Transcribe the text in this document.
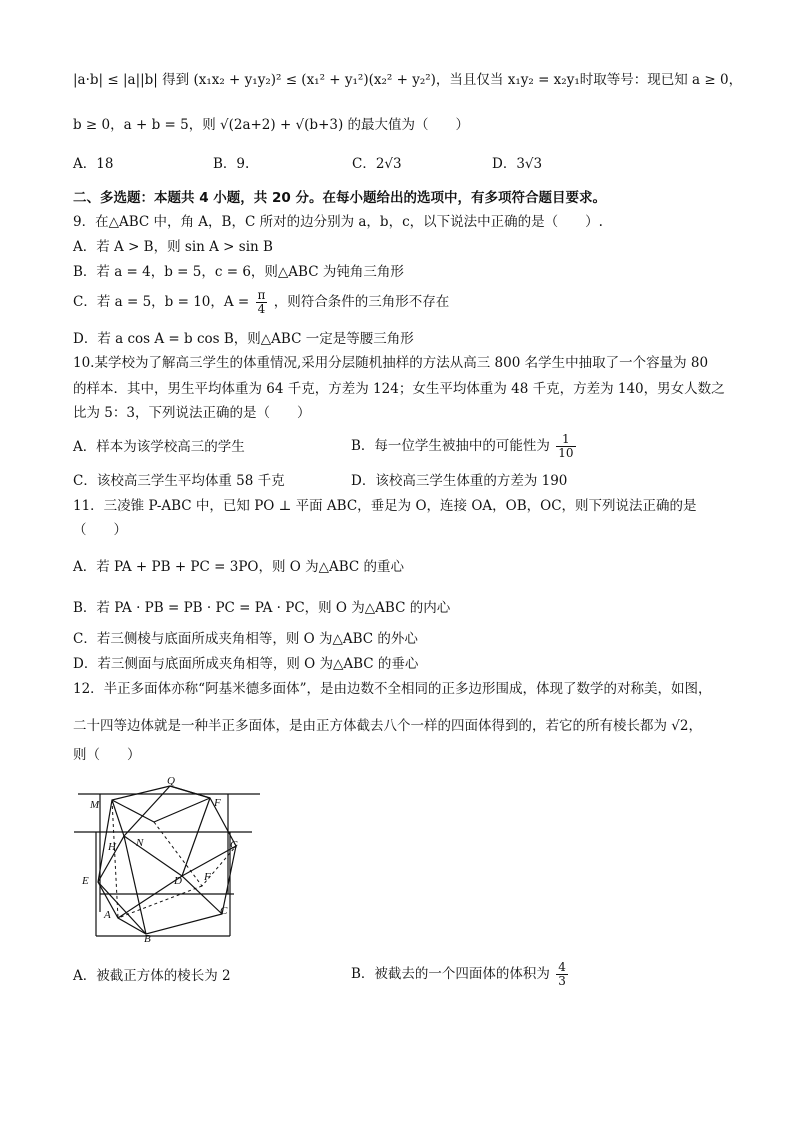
|a·b| ≤ |a||b| 得到 (x₁x₂ + y₁y₂)² ≤ (x₁² + y₁²)(x₂² + y₂²)，当且仅当 x₁y₂ = x₂y₁时取等号：现已知 a ≥ 0，
b ≥ 0，a + b = 5，则 √(2a+2) + √(b+3) 的最大值为（　　）
A．18	B．9.	C．2√3	D．3√3
二、多选题：本题共 4 小题，共 20 分。在每小题给出的选项中，有多项符合题目要求。
9．在△ABC 中，角 A，B，C 所对的边分别为 a，b，c，以下说法中正确的是（　　）.
A．若 A > B，则 sin A > sin B
B．若 a = 4，b = 5，c = 6，则△ABC 为钝角三角形
C．若 a = 5，b = 10，$A = \frac{\pi}{4}$ ，则符合条件的三角形不存在
D．若 a cos A = b cos B，则△ABC 一定是等腰三角形
10.某学校为了解高三学生的体重情况,采用分层随机抽样的方法从高三 800 名学生中抽取了一个容量为 80
的样本．其中，男生平均体重为 64 千克，方差为 124；女生平均体重为 48 千克，方差为 140，男女人数之
比为 5：3，下列说法正确的是（　　）
A．样本为该学校高三的学生	B．每一位学生被抽中的可能性为 $\frac{1}{10}$
C．该校高三学生平均体重 58 千克	D．该校高三学生体重的方差为 190
11．三凌锥 P-ABC 中，已知 PO ⊥ 平面 ABC，垂足为 O，连接 OA，OB，OC，则下列说法正确的是
（　　）
A．若 PA + PB + PC = 3PO，则 O 为△ABC 的重心
B．若 PA · PB = PB · PC = PA · PC，则 O 为△ABC 的内心
C．若三侧棱与底面所成夹角相等，则 O 为△ABC 的外心
D．若三侧面与底面所成夹角相等，则 O 为△ABC 的垂心
12．半正多面体亦称“阿基米德多面体”，是由边数不全相同的正多边形围成，体现了数学的对称美，如图，
二十四等边体就是一种半正多面体，是由正方体截去八个一样的四面体得到的，若它的所有棱长都为 √2，
则（　　）
Q
M	F
H N	G
E	D F
A	C
B
A．被截正方体的棱长为 2	B．被截去的一个四面体的体积为 $\frac{4}{3}$
